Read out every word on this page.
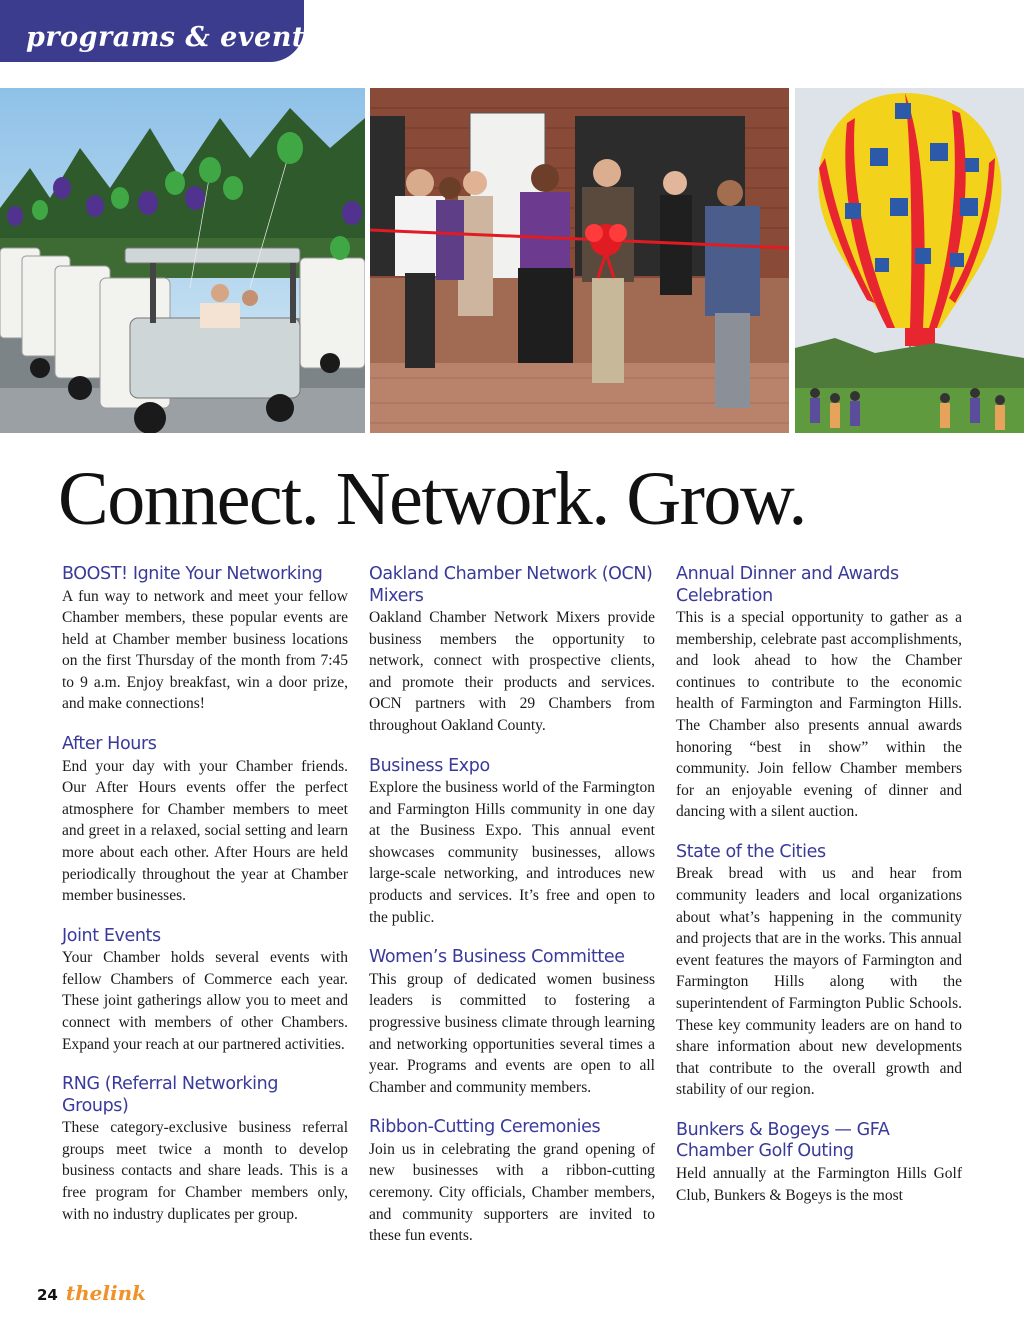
programs & events
Connect. Network. Grow.
BOOST! Ignite Your Networking

A fun way to network and meet your fellow Chamber members, these popular events are held at Chamber member business locations on the first Thursday of the month from 7:45 to 9 a.m. Enjoy breakfast, win a door prize, and make connections!

After Hours

End your day with your Chamber friends. Our After Hours events offer the perfect atmosphere for Chamber members to meet and greet in a relaxed, social setting and learn more about each other. After Hours are held periodically throughout the year at Chamber member businesses.

Joint Events

Your Chamber holds several events with fellow Chambers of Commerce each year. These joint gatherings allow you to meet and connect with members of other Chambers. Expand your reach at our partnered activities.

RNG (Referral Networking Groups)

These category-exclusive business referral groups meet twice a month to develop business contacts and share leads. This is a free program for Chamber members only, with no industry duplicates per group.

Oakland Chamber Network (OCN) Mixers

Oakland Chamber Network Mixers provide business members the opportunity to network, connect with prospective clients, and promote their products and services. OCN partners with 29 Chambers from throughout Oakland County.

Business Expo

Explore the business world of the Farmington and Farmington Hills community in one day at the Business Expo. This annual event showcases community businesses, allows large-scale networking, and introduces new products and services. It’s free and open to the public.

Women’s Business Committee

This group of dedicated women business leaders is committed to fostering a progressive business climate through learning and networking opportunities several times a year. Programs and events are open to all Chamber and community members.

Ribbon-Cutting Ceremonies

Join us in celebrating the grand opening of new businesses with a ribbon-cutting ceremony. City officials, Chamber members, and community supporters are invited to these fun events.

Annual Dinner and Awards Celebration

This is a special opportunity to gather as a membership, celebrate past accomplishments, and look ahead to how the Chamber continues to contribute to the economic health of Farmington and Farmington Hills. The Chamber also presents annual awards honoring “best in show” within the community. Join fellow Chamber members for an enjoyable evening of dinner and dancing with a silent auction.

State of the Cities

Break bread with us and hear from community leaders and local organizations about what’s happening in the community and projects that are in the works. This annual event features the mayors of Farmington and Farmington Hills along with the superintendent of Farmington Public Schools. These key community leaders are on hand to share information about new developments that contribute to the overall growth and stability of our region.

Bunkers & Bogeys — GFA Chamber Golf Outing

Held annually at the Farmington Hills Golf Club, Bunkers & Bogeys is the most

24 thelink
